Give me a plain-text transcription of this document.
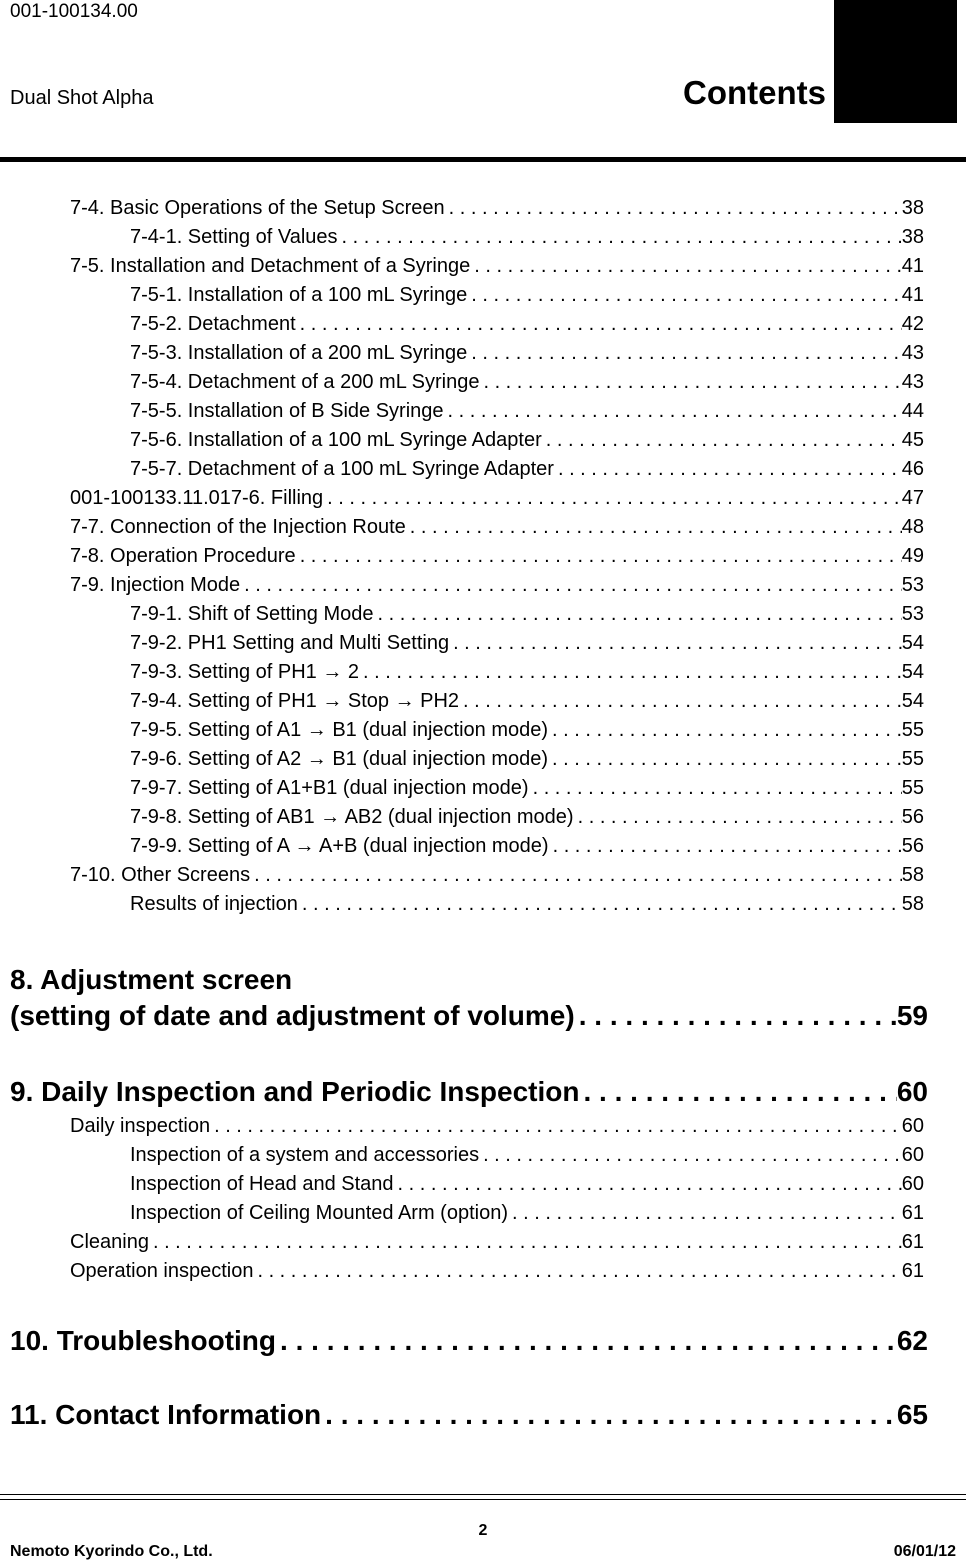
001-100134.00
Dual Shot Alpha	Contents
7-4. Basic Operations of the Setup Screen . . .	38
7-4-1. Setting of Values . . .	38
7-5. Installation and Detachment of a Syringe . . .	41
7-5-1. Installation of a 100 mL Syringe . . .	41
7-5-2. Detachment . . .	42
7-5-3. Installation of a 200 mL Syringe . . .	43
7-5-4. Detachment of a 200 mL Syringe . . .	43
7-5-5. Installation of B Side Syringe . . .	44
7-5-6. Installation of a 100 mL Syringe Adapter . . .	45
7-5-7. Detachment of a 100 mL Syringe Adapter . . .	46
001-100133.11.017-6. Filling . . .	47
7-7. Connection of the Injection Route . . .	48
7-8. Operation Procedure . . .	49
7-9. Injection Mode . . .	53
7-9-1. Shift of Setting Mode . . .	53
7-9-2. PH1 Setting and Multi Setting . . .	54
7-9-3. Setting of PH1 → 2 . . .	54
7-9-4. Setting of PH1 → Stop → PH2 . . .	54
7-9-5. Setting of A1 → B1 (dual injection mode) . . .	55
7-9-6. Setting of A2 → B1 (dual injection mode) . . .	55
7-9-7. Setting of A1+B1 (dual injection mode) . . .	55
7-9-8. Setting of AB1 → AB2 (dual injection mode) . . .	56
7-9-9. Setting of A → A+B (dual injection mode) . . .	56
7-10. Other Screens . . .	58
Results of injection . . .	58
8. Adjustment screen
(setting of date and adjustment of volume) . . .	59
9. Daily Inspection and Periodic Inspection . . .	60
Daily inspection . . .	60
Inspection of a system and accessories . . .	60
Inspection of Head and Stand . . .	60
Inspection of Ceiling Mounted Arm (option) . . .	61
Cleaning . . .	61
Operation inspection . . .	61
10. Troubleshooting . . .	62
11. Contact Information . . .	65
2
Nemoto Kyorindo Co., Ltd.	06/01/12
